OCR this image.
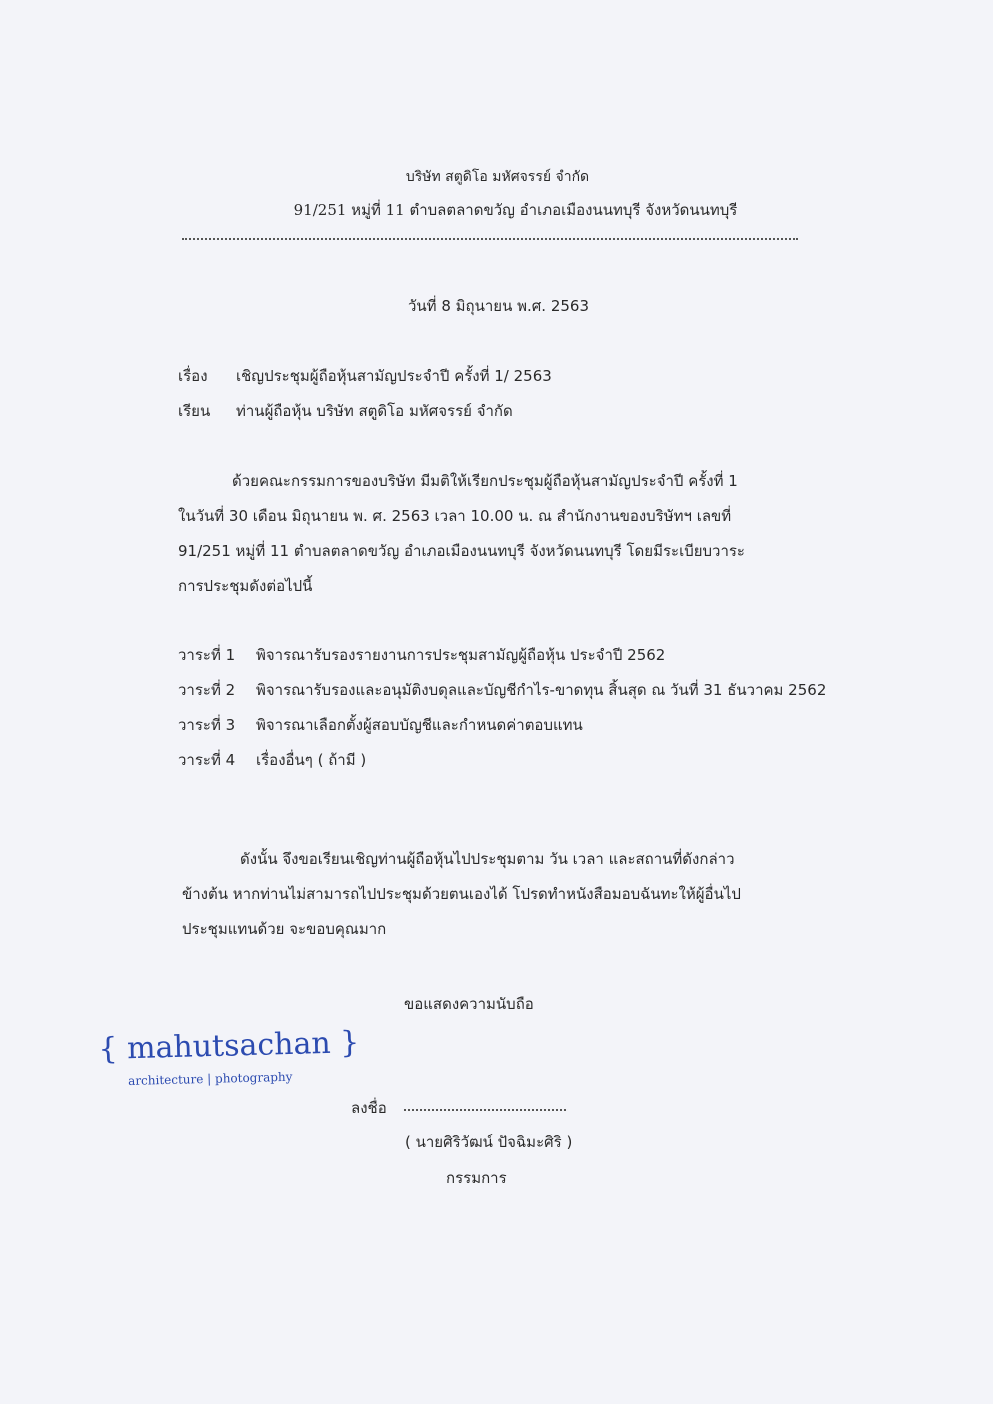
บริษัท สตูดิโอ มหัศจรรย์ จำกัด
91/251 หมู่ที่ 11 ตำบลตลาดขวัญ อำเภอเมืองนนทบุรี จังหวัดนนทบุรี
วันที่ 8 มิถุนายน พ.ศ. 2563
เรื่อง เชิญประชุมผู้ถือหุ้นสามัญประจำปี ครั้งที่ 1/ 2563
เรียน ท่านผู้ถือหุ้น บริษัท สตูดิโอ มหัศจรรย์ จำกัด
ด้วยคณะกรรมการของบริษัท มีมติให้เรียกประชุมผู้ถือหุ้นสามัญประจำปี ครั้งที่ 1
ในวันที่ 30 เดือน มิถุนายน พ. ศ. 2563 เวลา 10.00 น. ณ สำนักงานของบริษัทฯ เลขที่
91/251 หมู่ที่ 11 ตำบลตลาดขวัญ อำเภอเมืองนนทบุรี จังหวัดนนทบุรี โดยมีระเบียบวาระ
การประชุมดังต่อไปนี้
วาระที่ 1 พิจารณารับรองรายงานการประชุมสามัญผู้ถือหุ้น ประจำปี 2562
วาระที่ 2 พิจารณารับรองและอนุมัติงบดุลและบัญชีกำไร-ขาดทุน สิ้นสุด ณ วันที่ 31 ธันวาคม 2562
วาระที่ 3 พิจารณาเลือกตั้งผู้สอบบัญชีและกำหนดค่าตอบแทน
วาระที่ 4 เรื่องอื่นๆ ( ถ้ามี )
ดังนั้น จึงขอเรียนเชิญท่านผู้ถือหุ้นไปประชุมตาม วัน เวลา และสถานที่ดังกล่าว
ข้างต้น หากท่านไม่สามารถไปประชุมด้วยตนเองได้ โปรดทำหนังสือมอบฉันทะให้ผู้อื่นไป
ประชุมแทนด้วย จะขอบคุณมาก
ขอแสดงความนับถือ
{ mahutsachan }
architecture | photography
ลงชื่อ
( นายศิริวัฒน์ ปัจฉิมะศิริ )
กรรมการ
